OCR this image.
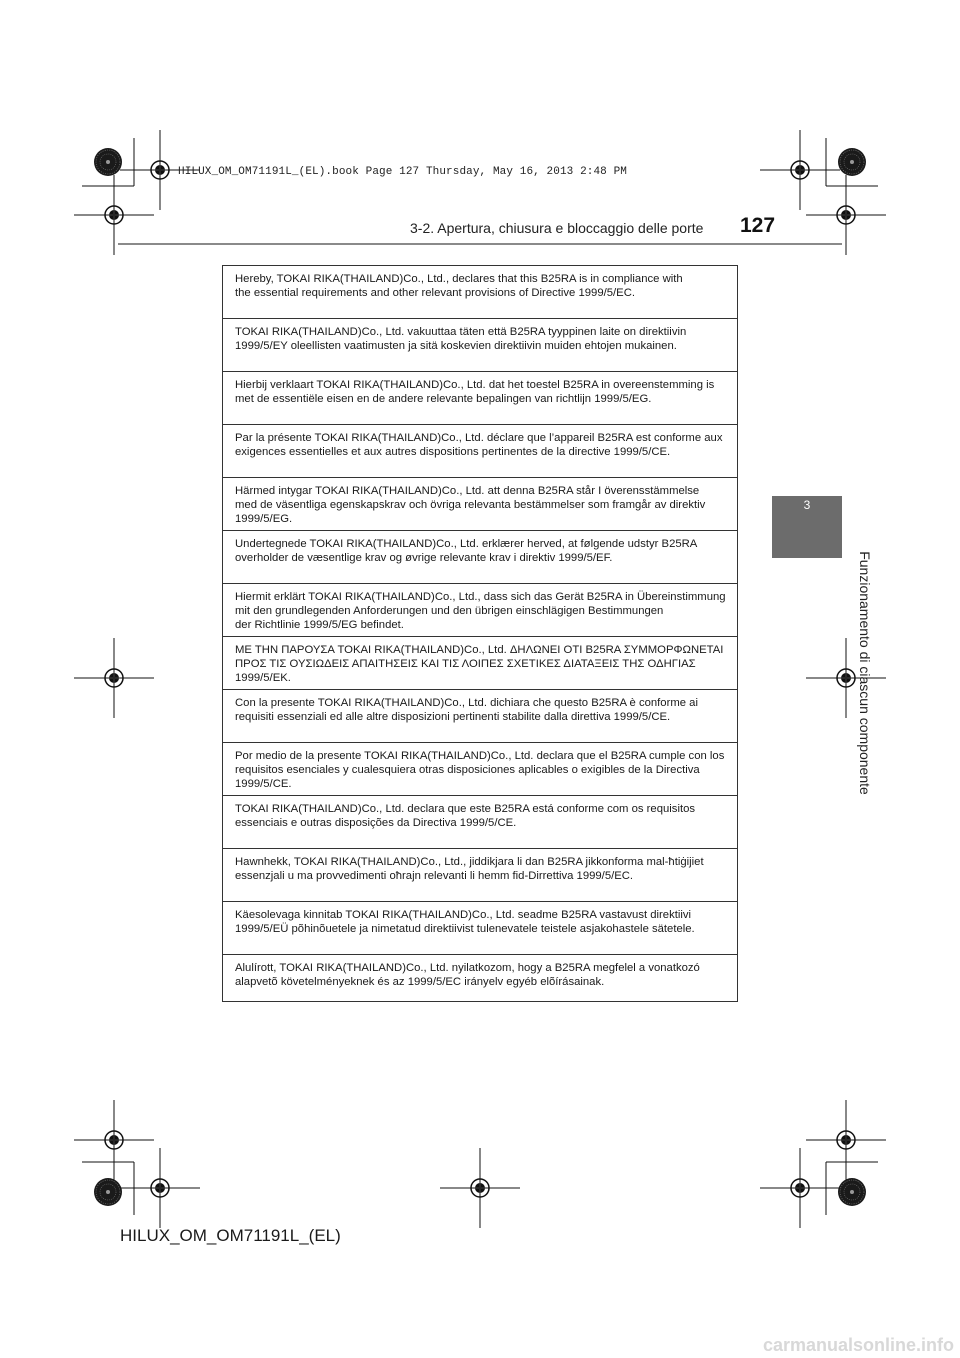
HILUX_OM_OM71191L_(EL).book Page 127 Thursday, May 16, 2013 2:48 PM
3-2. Apertura, chiusura e bloccaggio delle porte 127
3
Funzionamento di ciascun componente
Hereby, TOKAI RIKA(THAILAND)Co., Ltd., declares that this B25RA is in compliance with
the essential requirements and other relevant provisions of Directive 1999/5/EC.
TOKAI RIKA(THAILAND)Co., Ltd. vakuuttaa täten että B25RA tyyppinen laite on direktiivin
1999/5/EY oleellisten vaatimusten ja sitä koskevien direktiivin muiden ehtojen mukainen.
Hierbij verklaart TOKAI RIKA(THAILAND)Co., Ltd. dat het toestel B25RA in overeenstemming is
met de essentiële eisen en de andere relevante bepalingen van richtlijn 1999/5/EG.
Par la présente TOKAI RIKA(THAILAND)Co., Ltd. déclare que l’appareil B25RA est conforme aux
exigences essentielles et aux autres dispositions pertinentes de la directive 1999/5/CE.
Härmed intygar TOKAI RIKA(THAILAND)Co., Ltd. att denna B25RA står I överensstämmelse
med de väsentliga egenskapskrav och övriga relevanta bestämmelser som framgår av direktiv
1999/5/EG.
Undertegnede TOKAI RIKA(THAILAND)Co., Ltd. erklærer herved, at følgende udstyr B25RA
overholder de væsentlige krav og øvrige relevante krav i direktiv 1999/5/EF.
Hiermit erklärt TOKAI RIKA(THAILAND)Co., Ltd., dass sich das Gerät B25RA in Übereinstimmung
mit den grundlegenden Anforderungen und den übrigen einschlägigen Bestimmungen
der Richtlinie 1999/5/EG befindet.
ΜΕ ΤΗΝ ΠΑΡΟΥΣΑ TOKAI RIKA(THAILAND)Co., Ltd. ΔΗΛΩΝΕΙ ΟΤΙ B25RA ΣΥΜΜΟΡΦΩΝΕΤΑΙ
ΠΡΟΣ ΤΙΣ ΟΥΣΙΩΔΕΙΣ ΑΠΑΙΤΗΣΕΙΣ ΚΑΙ ΤΙΣ ΛΟΙΠΕΣ ΣΧΕΤΙΚΕΣ ΔΙΑΤΑΞΕΙΣ ΤΗΣ ΟΔΗΓΙΑΣ
1999/5/ΕΚ.
Con la presente TOKAI RIKA(THAILAND)Co., Ltd. dichiara che questo B25RA è conforme ai
requisiti essenziali ed alle altre disposizioni pertinenti stabilite dalla direttiva 1999/5/CE.
Por medio de la presente TOKAI RIKA(THAILAND)Co., Ltd. declara que el B25RA cumple con los
requisitos esenciales y cualesquiera otras disposiciones aplicables o exigibles de la Directiva
1999/5/CE.
TOKAI RIKA(THAILAND)Co., Ltd. declara que este B25RA está conforme com os requisitos
essenciais e outras disposições da Directiva 1999/5/CE.
Hawnhekk, TOKAI RIKA(THAILAND)Co., Ltd., jiddikjara li dan B25RA jikkonforma mal-ħtiġijiet
essenzjali u ma provvedimenti oħrajn relevanti li hemm fid-Dirrettiva 1999/5/EC.
Käesolevaga kinnitab TOKAI RIKA(THAILAND)Co., Ltd. seadme B25RA vastavust direktiivi
1999/5/EÜ põhinõuetele ja nimetatud direktiivist tulenevatele teistele asjakohastele sätetele.
Alulírott, TOKAI RIKA(THAILAND)Co., Ltd. nyilatkozom, hogy a B25RA megfelel a vonatkozó
alapvetõ követelményeknek és az 1999/5/EC irányelv egyéb elõírásainak.
HILUX_OM_OM71191L_(EL)
carmanualsonline.info
